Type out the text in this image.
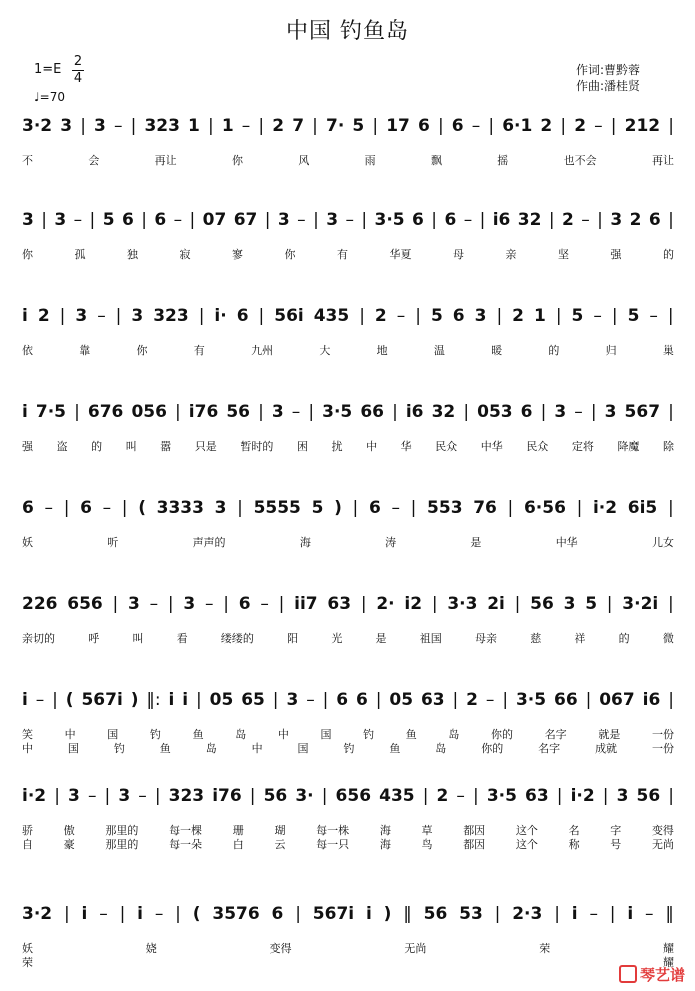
中国 钓鱼岛
1=E
2
4
♩=70
作词:曹黔蓉
作曲:潘桂贤
3·2 3 | 3 – | 323 1 | 1 – | 2 7 | 7· 5 | 17 6 | 6 – | 6·1 2 | 2 – | 212 |
不	会	再让	你	风	雨	飘	摇	也不会	再让
3 | 3 – | 5 6 | 6 – | 07 67 | 3 – | 3 – | 3·5 6 | 6 – | i6 32 | 2 – | 3 2 6 |
你	孤	独	寂	寥	你	有	华夏	母	亲	坚	强	的
i 2 | 3 – | 3 323 | i· 6 | 56i 435 | 2 – | 5 6 3 | 2 1 | 5 – | 5 – |
依	靠	你	有	九州	大	地	温	暖	的	归	巢
i 7·5 | 676 056 | i76 56 | 3 – | 3·5 66 | i6 32 | 053 6 | 3 – | 3 567 |
强 盗 的 叫 嚣 只是 暂时的 困 扰 中 华 民众 中华 民众 定将 降魔 除
6 – | 6 – | ( 3333 3 | 5555 5 ) | 6 – | 553 76 | 6·56 | i·2 6i5 |
妖	听	声声的	海	涛	是	中华	儿女
226 656 | 3 – | 3 – | 6 – | ii7 63 | 2· i2 | 3·3 2i | 56 3 5 | 3·2i |
亲切的	呼	叫	看	缕缕的	阳	光	是	祖国	母亲	慈	祥	的	微
i – | ( 567i ) ‖: i i | 05 65 | 3 – | 6 6 | 05 63 | 2 – | 3·5 66 | 067 i6 |
笑	中	国	钓	鱼	岛	中	国	钓	鱼	岛	你的	名字	就是	一份
中	国	钓	鱼	岛	中	国	钓	鱼	岛	你的	名字	成就	一份
i·2 | 3 – | 3 – | 323 i76 | 56 3· | 656 435 | 2 – | 3·5 63 | i·2 | 3 56 |
骄	傲	那里的	每一棵	珊	瑚	每一株	海	草	都因	这个	名	字	变得
自	豪	那里的	每一朵	白	云	每一只	海	鸟	都因	这个	称	号	无尚
3·2 | i – | i – | ( 3576 6 | 567i i ) ‖ 56 53 | 2·3 | i – | i – ‖
妖	娆	变得	无尚	荣	耀
荣	耀
琴艺谱
